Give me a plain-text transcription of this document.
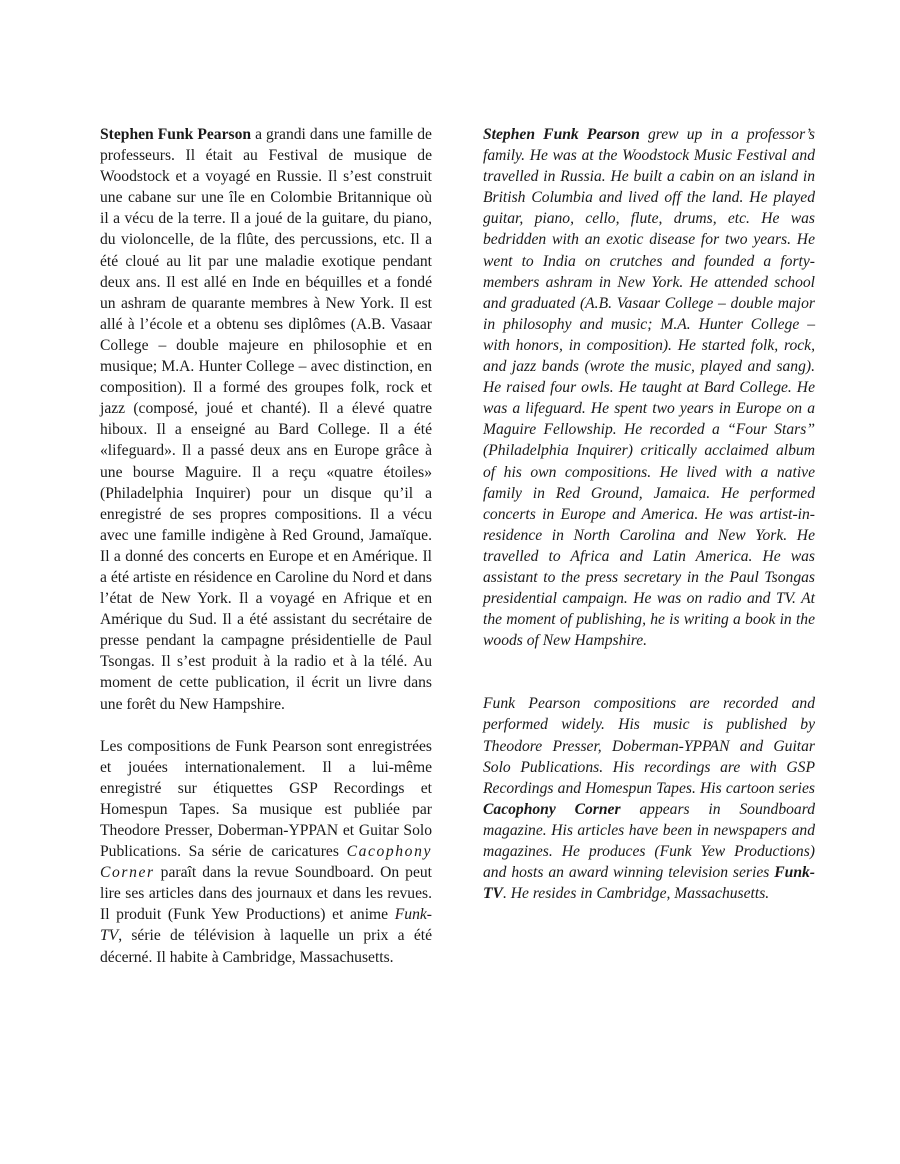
Stephen Funk Pearson a grandi dans une famille de professeurs. Il était au Festival de musique de Woodstock et a voyagé en Russie. Il s’est construit une cabane sur une île en Colombie Britannique où il a vécu de la terre. Il a joué de la guitare, du piano, du violoncelle, de la flûte, des percussions, etc. Il a été cloué au lit par une maladie exotique pendant deux ans. Il est allé en Inde en béquilles et a fondé un ashram de quarante membres à New York. Il est allé à l’école et a obtenu ses diplômes (A.B. Vasaar College – double majeure en philosophie et en musique; M.A. Hunter College – avec distinction, en composition). Il a formé des groupes folk, rock et jazz (composé, joué et chanté). Il a élevé quatre hiboux. Il a enseigné au Bard College. Il a été «lifeguard». Il a passé deux ans en Europe grâce à une bourse Maguire. Il a reçu «quatre étoiles» (Philadelphia Inquirer) pour un disque qu’il a enregistré de ses propres compositions. Il a vécu avec une famille indigène à Red Ground, Jamaïque. Il a donné des concerts en Europe et en Amérique. Il a été artiste en résidence en Caroline du Nord et dans l’état de New York. Il a voyagé en Afrique et en Amérique du Sud. Il a été assistant du secrétaire de presse pendant la campagne présidentielle de Paul Tsongas. Il s’est produit à la radio et à la télé. Au moment de cette publication, il écrit un livre dans une forêt du New Hampshire.

Les compositions de Funk Pearson sont enregistrées et jouées internationalement. Il a lui-même enregistré sur étiquettes GSP Recordings et Homespun Tapes. Sa musique est publiée par Theodore Presser, Doberman-YPPAN et Guitar Solo Publications. Sa série de caricatures Cacophony Corner paraît dans la revue Soundboard. On peut lire ses articles dans des journaux et dans les revues. Il produit (Funk Yew Productions) et anime Funk-TV, série de télévision à laquelle un prix a été décerné. Il habite à Cambridge, Massachusetts.

Stephen Funk Pearson grew up in a professor’s family. He was at the Woodstock Music Festival and travelled in Russia. He built a cabin on an island in British Columbia and lived off the land. He played guitar, piano, cello, flute, drums, etc. He was bedridden with an exotic disease for two years. He went to India on crutches and founded a forty-members ashram in New York. He attended school and graduated (A.B. Vasaar College – double major in philosophy and music; M.A. Hunter College – with honors, in composition). He started folk, rock, and jazz bands (wrote the music, played and sang). He raised four owls. He taught at Bard College. He was a lifeguard. He spent two years in Europe on a Maguire Fellowship. He recorded a “Four Stars” (Philadelphia Inquirer) critically acclaimed album of his own compositions. He lived with a native family in Red Ground, Jamaica. He performed concerts in Europe and America. He was artist-in-residence in North Carolina and New York. He travelled to Africa and Latin America. He was assistant to the press secretary in the Paul Tsongas presidential campaign. He was on radio and TV. At the moment of publishing, he is writing a book in the woods of New Hampshire.

Funk Pearson compositions are recorded and performed widely. His music is published by Theodore Presser, Doberman-YPPAN and Guitar Solo Publications. His recordings are with GSP Recordings and Homespun Tapes. His cartoon series Cacophony Corner appears in Soundboard magazine. His articles have been in newspapers and magazines. He produces (Funk Yew Productions) and hosts an award winning television series Funk-TV. He resides in Cambridge, Massachusetts.
